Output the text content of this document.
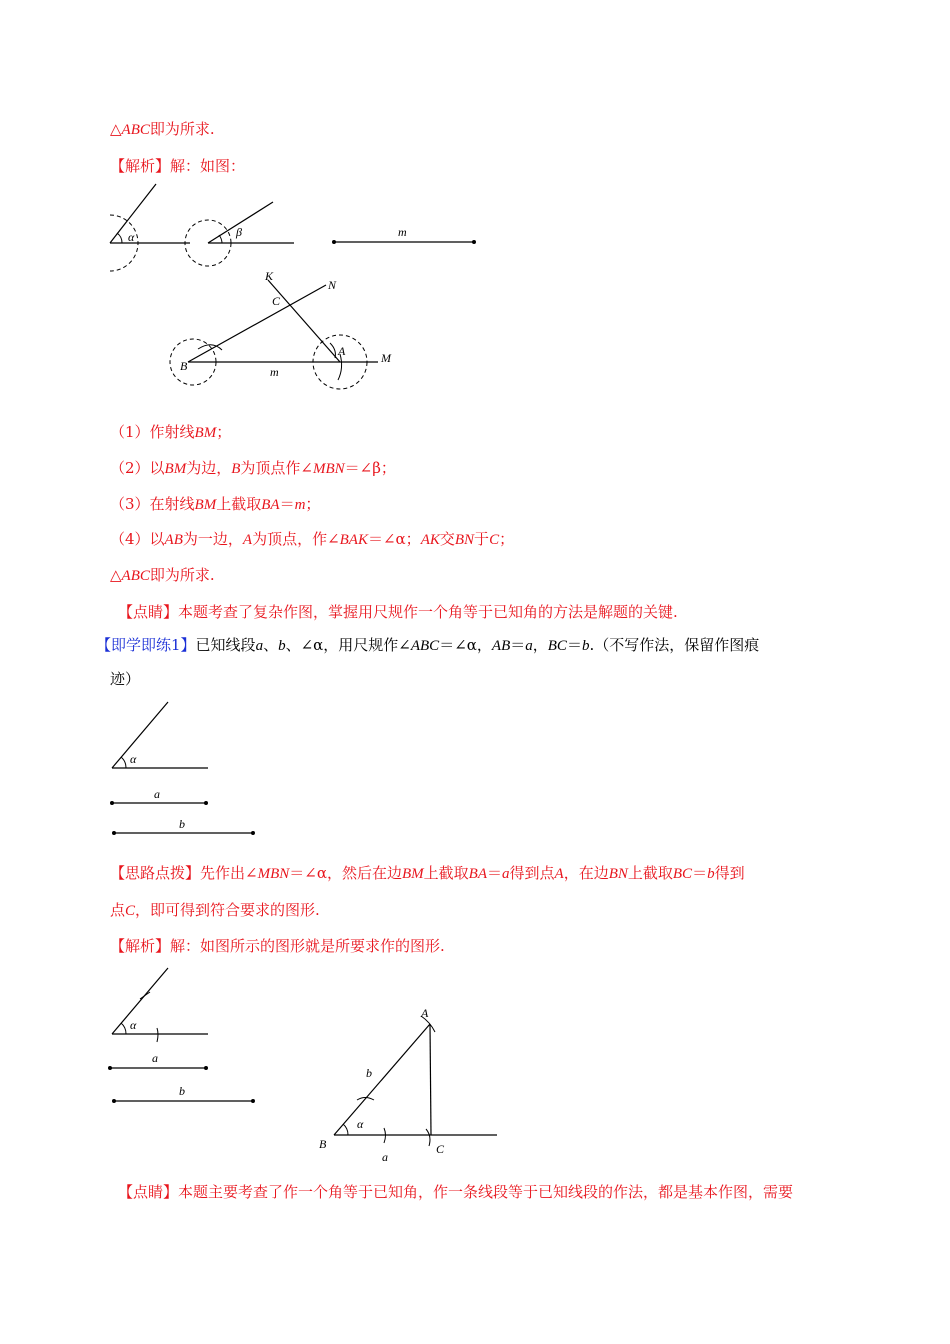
△ABC即为所求.

【解析】解：如图：

α	β	m
K
N
C
A	M
B	m

（1）作射线BM；

（2）以BM为边，B为顶点作∠MBN＝∠β；

（3）在射线BM上截取BA＝m；

（4）以AB为一边，A为顶点，作∠BAK＝∠α；AK交BN于C；

△ABC即为所求.

【点睛】本题考查了复杂作图，掌握用尺规作一个角等于已知角的方法是解题的关键.

【即学即练1】已知线段a、b、∠α，用尺规作∠ABC＝∠α，AB＝a，BC＝b.（不写作法，保留作图痕

迹）

α
a
b

【思路点拨】先作出∠MBN＝∠α，然后在边BM上截取BA＝a得到点A，在边BN上截取BC＝b得到

点C，即可得到符合要求的图形.

【解析】解：如图所示的图形就是所要求作的图形.

α
a
b
A
B	C
α
b
a

【点睛】本题主要考查了作一个角等于已知角，作一条线段等于已知线段的作法，都是基本作图，需要
